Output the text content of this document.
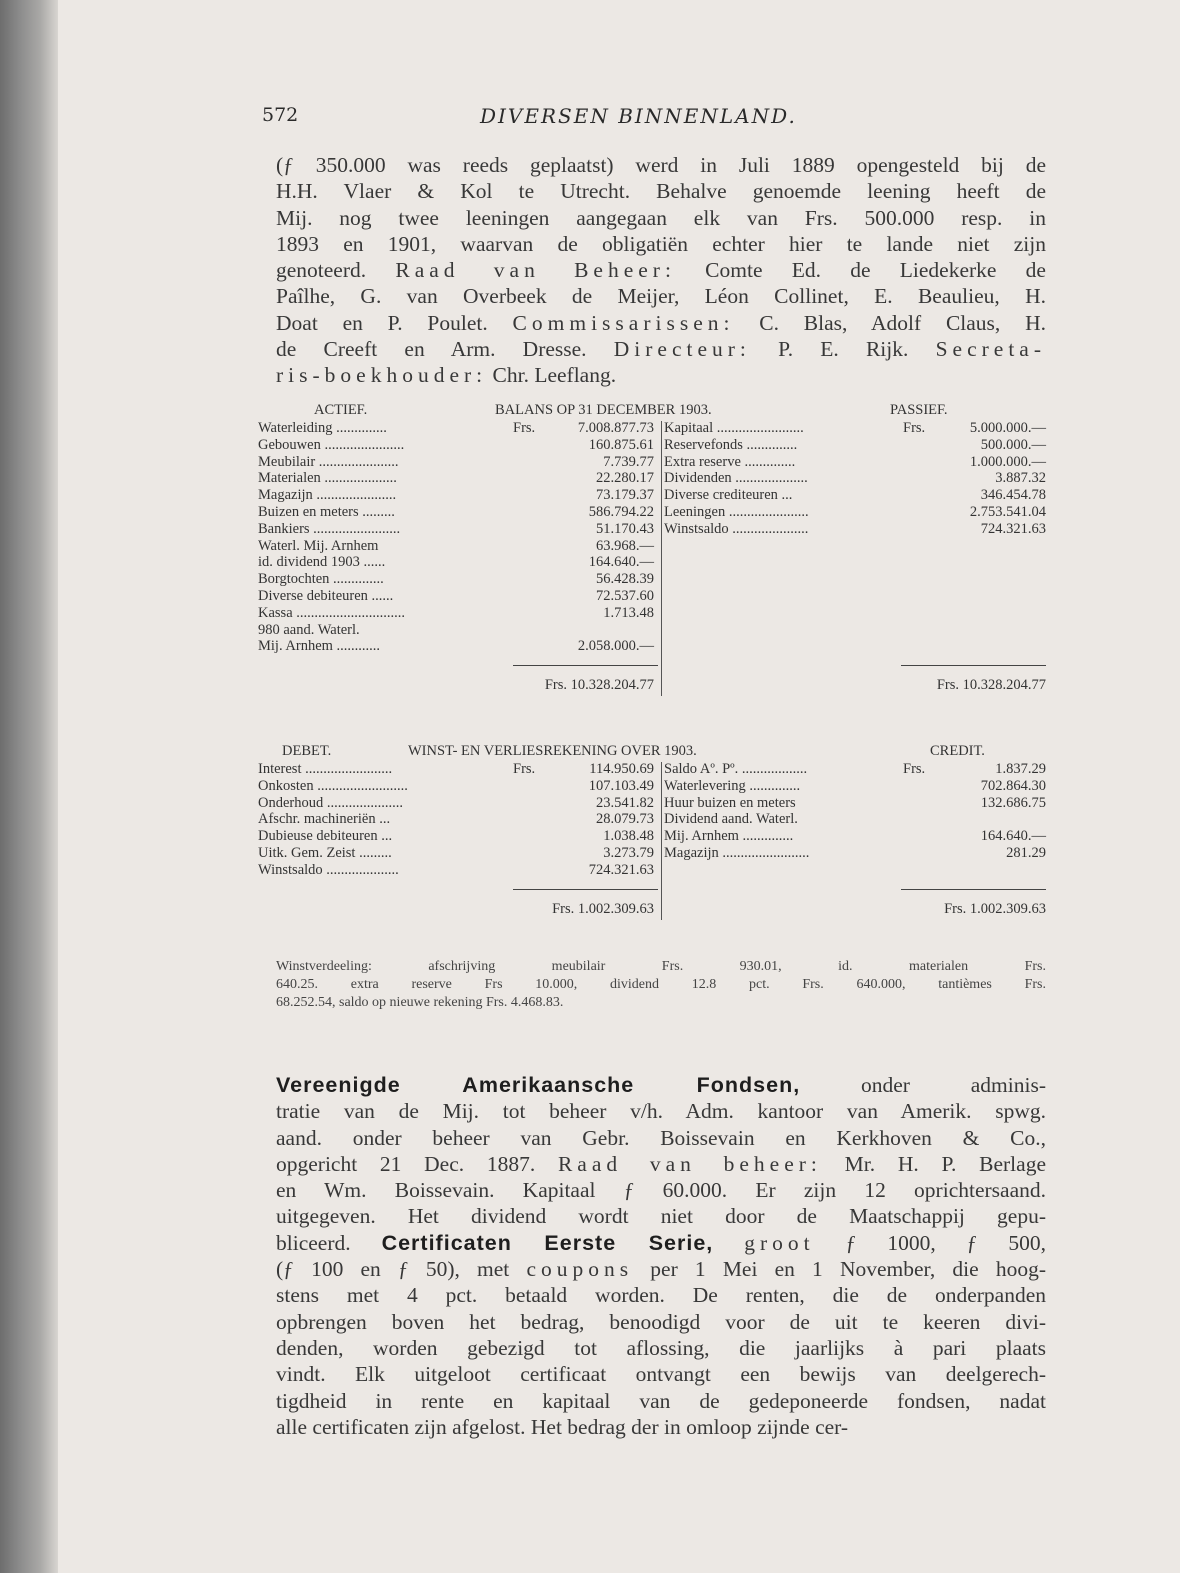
572	DIVERSEN BINNENLAND.
(ƒ 350.000 was reeds geplaatst) werd in Juli 1889 opengesteld bij de
H.H. Vlaer & Kol te Utrecht. Behalve genoemde leening heeft de
Mij. nog twee leeningen aangegaan elk van Frs. 500.000 resp. in
1893 en 1901, waarvan de obligatiën echter hier te lande niet zijn
genoteerd. Raad van Beheer: Comte Ed. de Liedekerke de
Paîlhe, G. van Overbeek de Meijer, Léon Collinet, E. Beaulieu, H.
Doat en P. Poulet. Commissarissen: C. Blas, Adolf Claus, H.
de Creeft en Arm. Dresse. Directeur: P. E. Rijk. Secreta-
ris-boekhouder: Chr. Leeflang.
ACTIEF.	BALANS OP 31 DECEMBER 1903.	PASSIEF.
Waterleiding ..............	Frs.	7.008.877.73 Kapitaal ........................	Frs.	5.000.000.—
Gebouwen ......................	160.875.61 Reservefonds ..............	500.000.—
Meubilair ......................	7.739.77 Extra reserve ..............	1.000.000.—
Materialen ....................	22.280.17 Dividenden ....................	3.887.32
Magazijn ......................	73.179.37 Diverse crediteuren ...	346.454.78
Buizen en meters .........	586.794.22 Leeningen ......................	2.753.541.04
Bankiers ........................	51.170.43 Winstsaldo .....................	724.321.63
Waterl. Mij. Arnhem	63.968.—
id. dividend 1903 ......	164.640.—
Borgtochten ..............	56.428.39
Diverse debiteuren ......	72.537.60
Kassa ..............................	1.713.48
980 aand. Waterl.
Mij. Arnhem ............	2.058.000.—
Frs. 10.328.204.77	Frs. 10.328.204.77
DEBET.	WINST- EN VERLIESREKENING OVER 1903.	CREDIT.
Interest ........................	Frs.	114.950.69 Saldo Aº. Pº. ..................	Frs.	1.837.29
Onkosten .........................	107.103.49 Waterlevering ..............	702.864.30
Onderhoud .....................	23.541.82 Huur buizen en meters	132.686.75
Afschr. machineriën ...	28.079.73 Dividend aand. Waterl.
Dubieuse debiteuren ...	1.038.48 Mij. Arnhem ..............	164.640.—
Uitk. Gem. Zeist .........	3.273.79 Magazijn ........................	281.29
Winstsaldo ....................	724.321.63
Frs. 1.002.309.63	Frs. 1.002.309.63
Winstverdeeling: afschrijving meubilair Frs. 930.01, id. materialen Frs.
640.25. extra reserve Frs 10.000, dividend 12.8 pct. Frs. 640.000, tantièmes Frs.
68.252.54, saldo op nieuwe rekening Frs. 4.468.83.
Vereenigde Amerikaansche Fondsen, onder adminis-
tratie van de Mij. tot beheer v/h. Adm. kantoor van Amerik. spwg.
aand. onder beheer van Gebr. Boissevain en Kerkhoven & Co.,
opgericht 21 Dec. 1887. Raad van beheer: Mr. H. P. Berlage
en Wm. Boissevain. Kapitaal ƒ 60.000. Er zijn 12 oprichtersaand.
uitgegeven. Het dividend wordt niet door de Maatschappij gepu-
bliceerd. Certificaten Eerste Serie, groot ƒ 1000, ƒ 500,
(ƒ 100 en ƒ 50), met coupons per 1 Mei en 1 November, die hoog-
stens met 4 pct. betaald worden. De renten, die de onderpanden
opbrengen boven het bedrag, benoodigd voor de uit te keeren divi-
denden, worden gebezigd tot aflossing, die jaarlijks à pari plaats
vindt. Elk uitgeloot certificaat ontvangt een bewijs van deelgerech-
tigdheid in rente en kapitaal van de gedeponeerde fondsen, nadat
alle certificaten zijn afgelost. Het bedrag der in omloop zijnde cer-
